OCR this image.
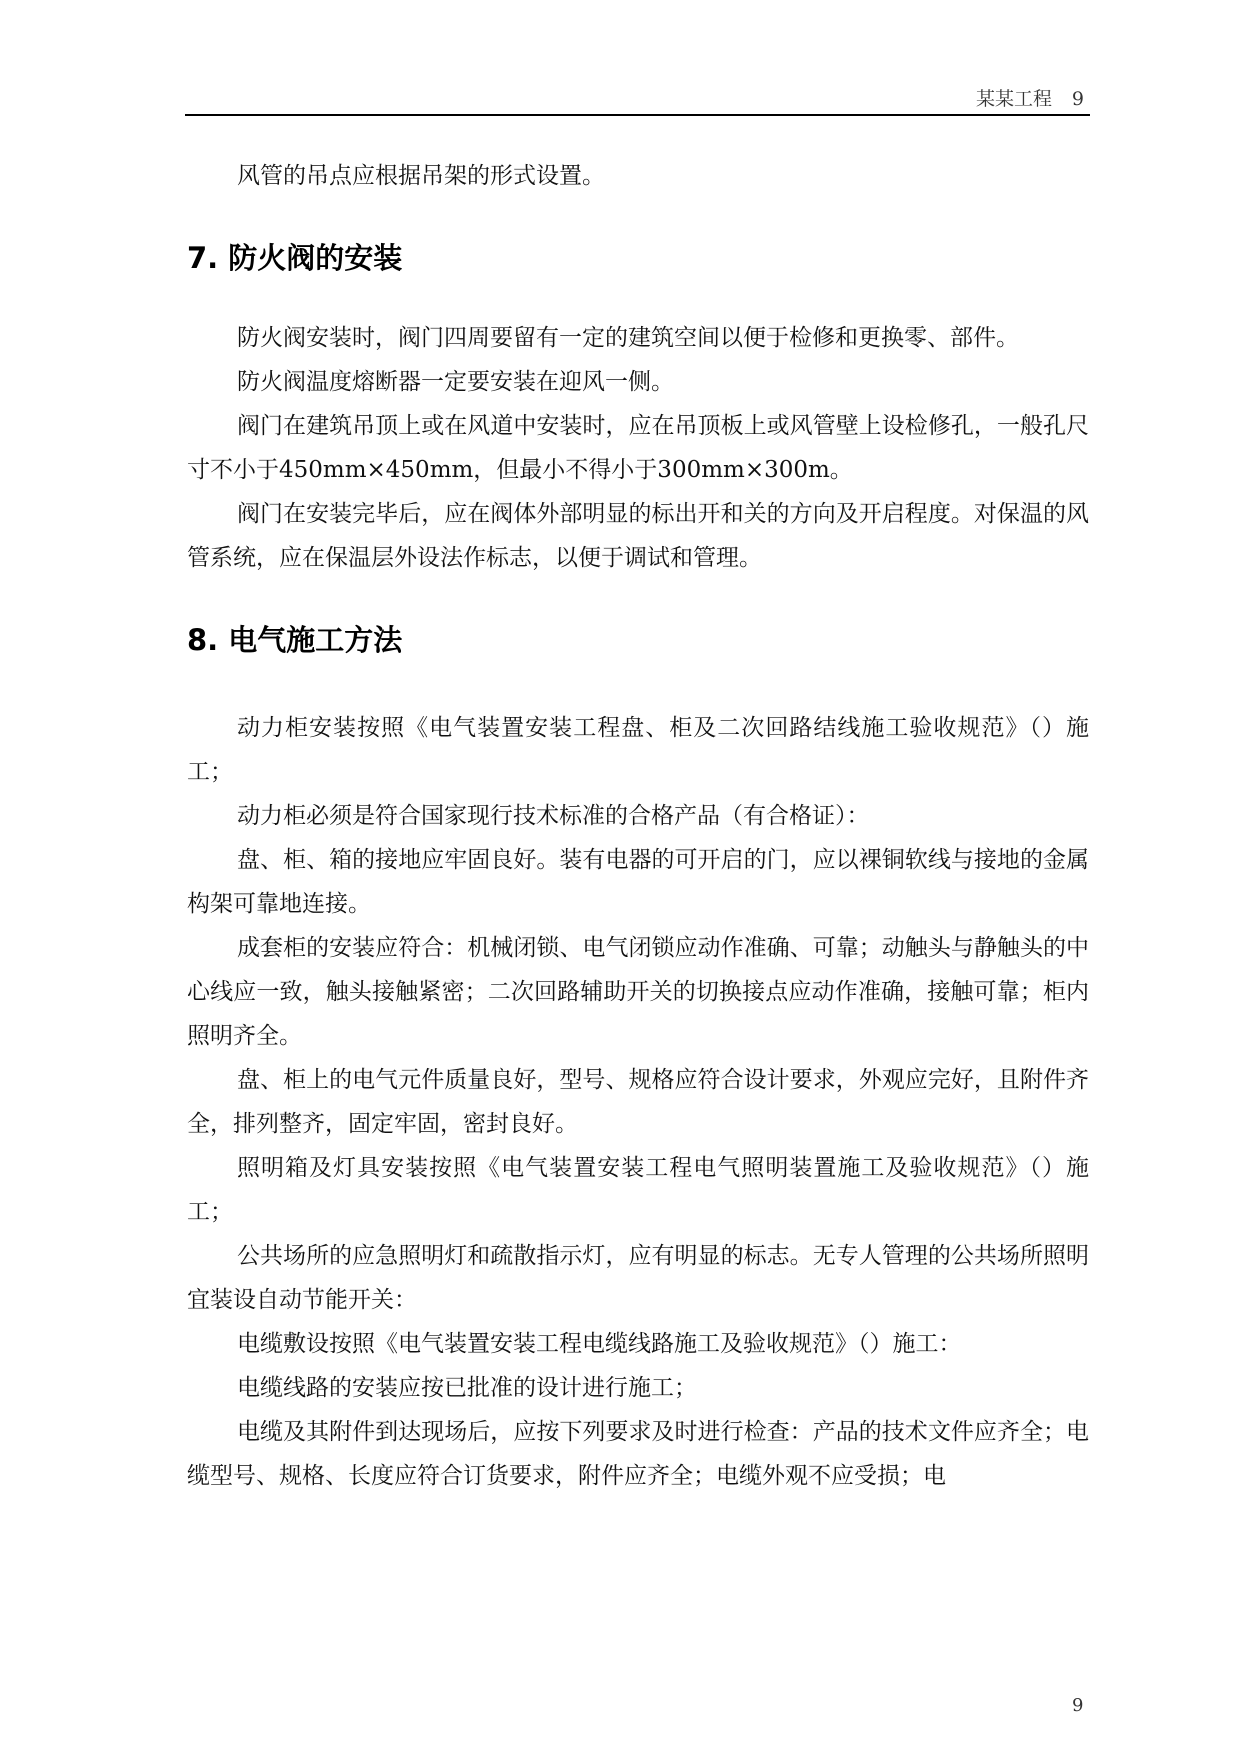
某某工程 9

风管的吊点应根据吊架的形式设置。

7. 防火阀的安装

防火阀安装时，阀门四周要留有一定的建筑空间以便于检修和更换零、部件。

防火阀温度熔断器一定要安装在迎风一侧。

阀门在建筑吊顶上或在风道中安装时，应在吊顶板上或风管壁上设检修孔，一般孔尺寸不小于450mm×450mm，但最小不得小于300mm×300m。

阀门在安装完毕后，应在阀体外部明显的标出开和关的方向及开启程度。对保温的风管系统，应在保温层外设法作标志，以便于调试和管理。

8. 电气施工方法

动力柜安装按照《电气装置安装工程盘、柜及二次回路结线施工验收规范》（）施工；

动力柜必须是符合国家现行技术标准的合格产品（有合格证）：

盘、柜、箱的接地应牢固良好。装有电器的可开启的门，应以裸铜软线与接地的金属构架可靠地连接。

成套柜的安装应符合：机械闭锁、电气闭锁应动作准确、可靠；动触头与静触头的中心线应一致，触头接触紧密；二次回路辅助开关的切换接点应动作准确，接触可靠；柜内照明齐全。

盘、柜上的电气元件质量良好，型号、规格应符合设计要求，外观应完好，且附件齐全，排列整齐，固定牢固，密封良好。

照明箱及灯具安装按照《电气装置安装工程电气照明装置施工及验收规范》（）施工；

公共场所的应急照明灯和疏散指示灯，应有明显的标志。无专人管理的公共场所照明宜装设自动节能开关：

电缆敷设按照《电气装置安装工程电缆线路施工及验收规范》（）施工：

电缆线路的安装应按已批准的设计进行施工；

电缆及其附件到达现场后，应按下列要求及时进行检查：产品的技术文件应齐全；电缆型号、规格、长度应符合订货要求，附件应齐全；电缆外观不应受损；电

9
